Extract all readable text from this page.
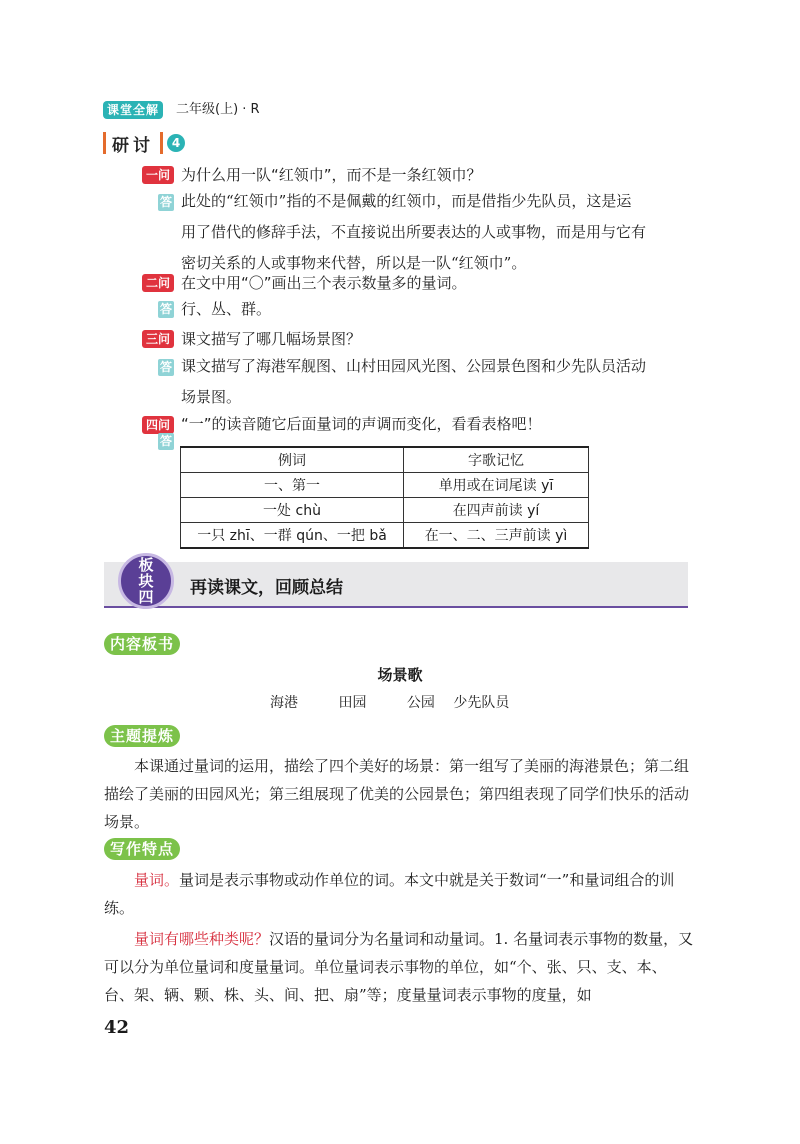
课堂全解	二年级(上) · R
研讨	4
一问 为什么用一队“红领巾”，而不是一条红领巾？
答 此处的“红领巾”指的不是佩戴的红领巾，而是借指少先队员，这是运
用了借代的修辞手法，不直接说出所要表达的人或事物，而是用与它有
密切关系的人或事物来代替，所以是一队“红领巾”。
二问 在文中用“〇”画出三个表示数量多的量词。
答 行、丛、群。
三问 课文描写了哪几幅场景图？
答 课文描写了海港军舰图、山村田园风光图、公园景色图和少先队员活动
场景图。
四问 “一”的读音随它后面量词的声调而变化，看看表格吧！
答
例词	字歌记忆
一、第一	单用或在词尾读 yī
一处 chù	在四声前读 yí
一只 zhī、一群 qún、一把 bǎ	在一、二、三声前读 yì
板
块
四 再读课文，回顾总结
内容板书
场景歌
海港	田园	公园 少先队员
主题提炼
本课通过量词的运用，描绘了四个美好的场景：第一组写了美丽的海港景色；第二组描绘了美丽的田园风光；第三组展现了优美的公园景色；第四组表现了同学们快乐的活动场景。
写作特点
量词。量词是表示事物或动作单位的词。本文中就是关于数词“一”和量词组合的训练。
量词有哪些种类呢？汉语的量词分为名量词和动量词。1. 名量词表示事物的数量，又可以分为单位量词和度量量词。单位量词表示事物的单位，如“个、张、只、支、本、台、架、辆、颗、株、头、间、把、扇”等；度量量词表示事物的度量，如
42
